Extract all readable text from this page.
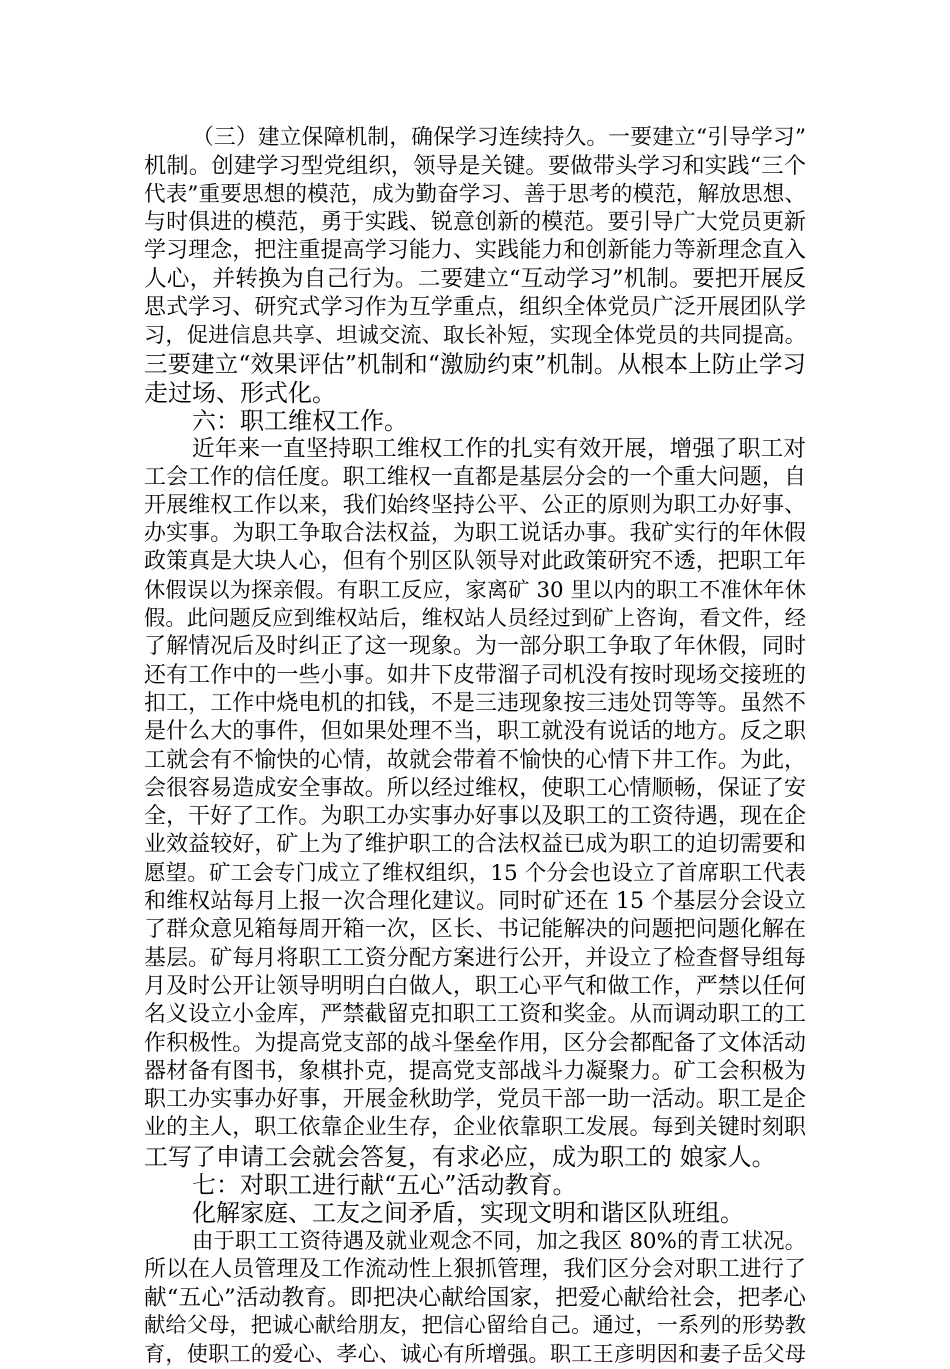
（三）建立保障机制，确保学习连续持久。一要建立“引导学习”
机制。创建学习型党组织，领导是关键。要做带头学习和实践“三个
代表”重要思想的模范，成为勤奋学习、善于思考的模范，解放思想、
与时俱进的模范，勇于实践、锐意创新的模范。要引导广大党员更新
学习理念，把注重提高学习能力、实践能力和创新能力等新理念直入
人心，并转换为自己行为。二要建立“互动学习”机制。要把开展反
思式学习、研究式学习作为互学重点，组织全体党员广泛开展团队学
习，促进信息共享、坦诚交流、取长补短，实现全体党员的共同提高。
三要建立“效果评估”机制和“激励约束”机制。从根本上防止学习
走过场、形式化。
六：职工维权工作。
近年来一直坚持职工维权工作的扎实有效开展，增强了职工对
工会工作的信任度。职工维权一直都是基层分会的一个重大问题，自
开展维权工作以来，我们始终坚持公平、公正的原则为职工办好事、
办实事。为职工争取合法权益，为职工说话办事。我矿实行的年休假
政策真是大块人心，但有个别区队领导对此政策研究不透，把职工年
休假误以为探亲假。有职工反应，家离矿 30 里以内的职工不准休年休
假。此问题反应到维权站后，维权站人员经过到矿上咨询，看文件，经
了解情况后及时纠正了这一现象。为一部分职工争取了年休假，同时
还有工作中的一些小事。如井下皮带溜子司机没有按时现场交接班的
扣工，工作中烧电机的扣钱，不是三违现象按三违处罚等等。虽然不
是什么大的事件，但如果处理不当，职工就没有说话的地方。反之职
工就会有不愉快的心情，故就会带着不愉快的心情下井工作。为此，
会很容易造成安全事故。所以经过维权，使职工心情顺畅，保证了安
全，干好了工作。为职工办实事办好事以及职工的工资待遇，现在企
业效益较好，矿上为了维护职工的合法权益已成为职工的迫切需要和
愿望。矿工会专门成立了维权组织，15 个分会也设立了首席职工代表
和维权站每月上报一次合理化建议。同时矿还在 15 个基层分会设立
了群众意见箱每周开箱一次，区长、书记能解决的问题把问题化解在
基层。矿每月将职工工资分配方案进行公开，并设立了检查督导组每
月及时公开让领导明明白白做人，职工心平气和做工作，严禁以任何
名义设立小金库，严禁截留克扣职工工资和奖金。从而调动职工的工
作积极性。为提高党支部的战斗堡垒作用，区分会都配备了文体活动
器材备有图书，象棋扑克，提高党支部战斗力凝聚力。矿工会积极为
职工办实事办好事，开展金秋助学，党员干部一助一活动。职工是企
业的主人，职工依靠企业生存，企业依靠职工发展。每到关键时刻职
工写了申请工会就会答复，有求必应，成为职工的 娘家人。
七：对职工进行献“五心”活动教育。
化解家庭、工友之间矛盾，实现文明和谐区队班组。
由于职工工资待遇及就业观念不同，加之我区 80%的青工状况。
所以在人员管理及工作流动性上狠抓管理，我们区分会对职工进行了
献“五心”活动教育。即把决心献给国家，把爱心献给社会，把孝心
献给父母，把诚心献给朋友，把信心留给自己。通过，一系列的形势教
育，使职工的爱心、孝心、诚心有所增强。职工王彦明因和妻子岳父母
